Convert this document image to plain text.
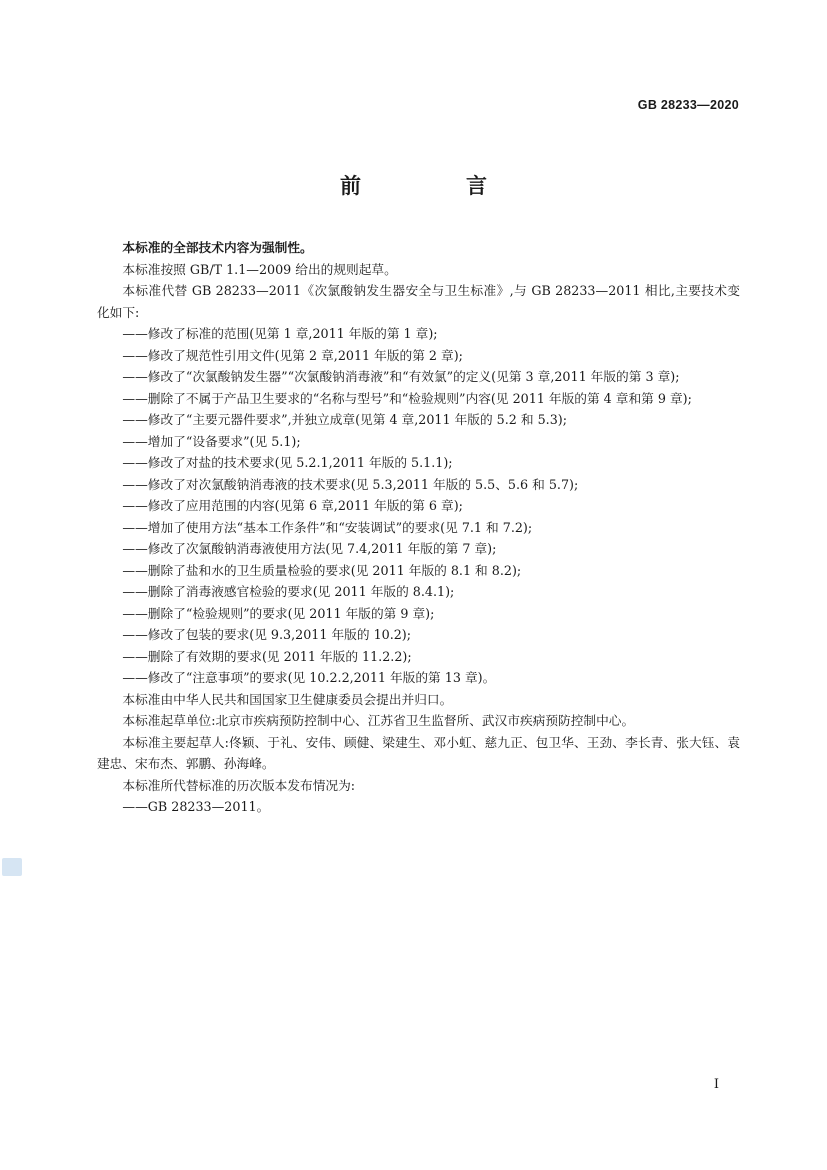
GB 28233—2020
前　言

本标准的全部技术内容为强制性。

本标准按照 GB/T 1.1—2009 给出的规则起草。

本标准代替 GB 28233—2011《次氯酸钠发生器安全与卫生标准》,与 GB 28233—2011 相比,主要技术变化如下:

——修改了标准的范围(见第 1 章,2011 年版的第 1 章);

——修改了规范性引用文件(见第 2 章,2011 年版的第 2 章);

——修改了“次氯酸钠发生器”“次氯酸钠消毒液”和“有效氯”的定义(见第 3 章,2011 年版的第 3 章);

——删除了不属于产品卫生要求的“名称与型号”和“检验规则”内容(见 2011 年版的第 4 章和第 9 章);

——修改了“主要元器件要求”,并独立成章(见第 4 章,2011 年版的 5.2 和 5.3);

——增加了“设备要求”(见 5.1);

——修改了对盐的技术要求(见 5.2.1,2011 年版的 5.1.1);

——修改了对次氯酸钠消毒液的技术要求(见 5.3,2011 年版的 5.5、5.6 和 5.7);

——修改了应用范围的内容(见第 6 章,2011 年版的第 6 章);

——增加了使用方法“基本工作条件”和“安装调试”的要求(见 7.1 和 7.2);

——修改了次氯酸钠消毒液使用方法(见 7.4,2011 年版的第 7 章);

——删除了盐和水的卫生质量检验的要求(见 2011 年版的 8.1 和 8.2);

——删除了消毒液感官检验的要求(见 2011 年版的 8.4.1);

——删除了“检验规则”的要求(见 2011 年版的第 9 章);

——修改了包装的要求(见 9.3,2011 年版的 10.2);

——删除了有效期的要求(见 2011 年版的 11.2.2);

——修改了“注意事项”的要求(见 10.2.2,2011 年版的第 13 章)。

本标准由中华人民共和国国家卫生健康委员会提出并归口。

本标准起草单位:北京市疾病预防控制中心、江苏省卫生监督所、武汉市疾病预防控制中心。

本标准主要起草人:佟颖、于礼、安伟、顾健、梁建生、邓小虹、慈九正、包卫华、王劲、李长青、张大钰、袁建忠、宋布杰、郭鹏、孙海峰。

本标准所代替标准的历次版本发布情况为:

——GB 28233—2011。

I
